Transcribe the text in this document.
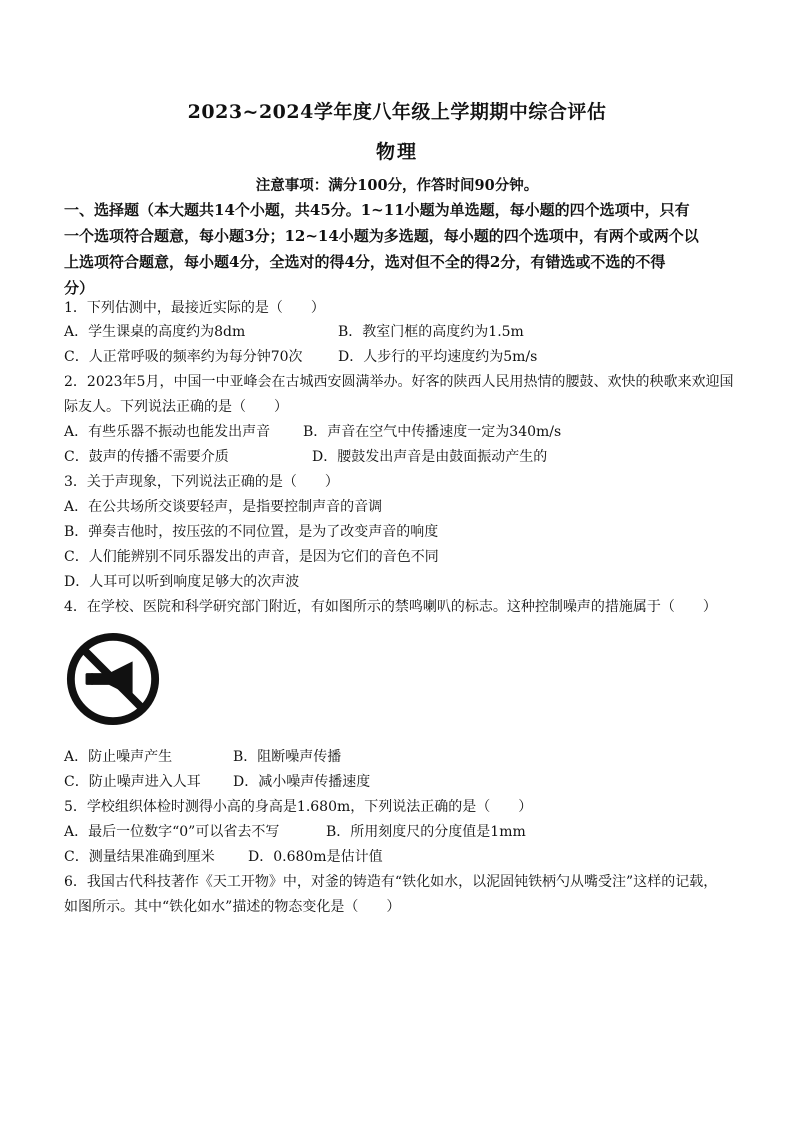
2023~2024学年度八年级上学期期中综合评估
物理
注意事项：满分100分，作答时间90分钟。
一、选择题（本大题共14个小题，共45分。1~11小题为单选题，每小题的四个选项中，只有
一个选项符合题意，每小题3分；12~14小题为多选题，每小题的四个选项中，有两个或两个以
上选项符合题意，每小题4分，全选对的得4分，选对但不全的得2分，有错选或不选的不得
分）
1．下列估测中，最接近实际的是（　　）
A．学生课桌的高度约为8dm	B．教室门框的高度约为1.5m
C．人正常呼吸的频率约为每分钟70次	D．人步行的平均速度约为5m/s
2．2023年5月，中国一中亚峰会在古城西安圆满举办。好客的陕西人民用热情的腰鼓、欢快的秧歌来欢迎国
际友人。下列说法正确的是（　　）
A．有些乐器不振动也能发出声音 B．声音在空气中传播速度一定为340m/s
C．鼓声的传播不需要介质	D．腰鼓发出声音是由鼓面振动产生的
3．关于声现象，下列说法正确的是（　　）
A．在公共场所交谈要轻声，是指要控制声音的音调
B．弹奏吉他时，按压弦的不同位置，是为了改变声音的响度
C．人们能辨别不同乐器发出的声音，是因为它们的音色不同
D．人耳可以听到响度足够大的次声波
4．在学校、医院和科学研究部门附近，有如图所示的禁鸣喇叭的标志。这种控制噪声的措施属于（　　）
A．防止噪声产生	B．阻断噪声传播
C．防止噪声进入人耳 D．减小噪声传播速度
5．学校组织体检时测得小高的身高是1.680m，下列说法正确的是（　　）
A．最后一位数字“0”可以省去不写	B．所用刻度尺的分度值是1mm
C．测量结果准确到厘米 D．0.680m是估计值
6．我国古代科技著作《天工开物》中，对釜的铸造有“铁化如水，以泥固钝铁柄勺从嘴受注”这样的记载，
如图所示。其中“铁化如水”描述的物态变化是（　　）
